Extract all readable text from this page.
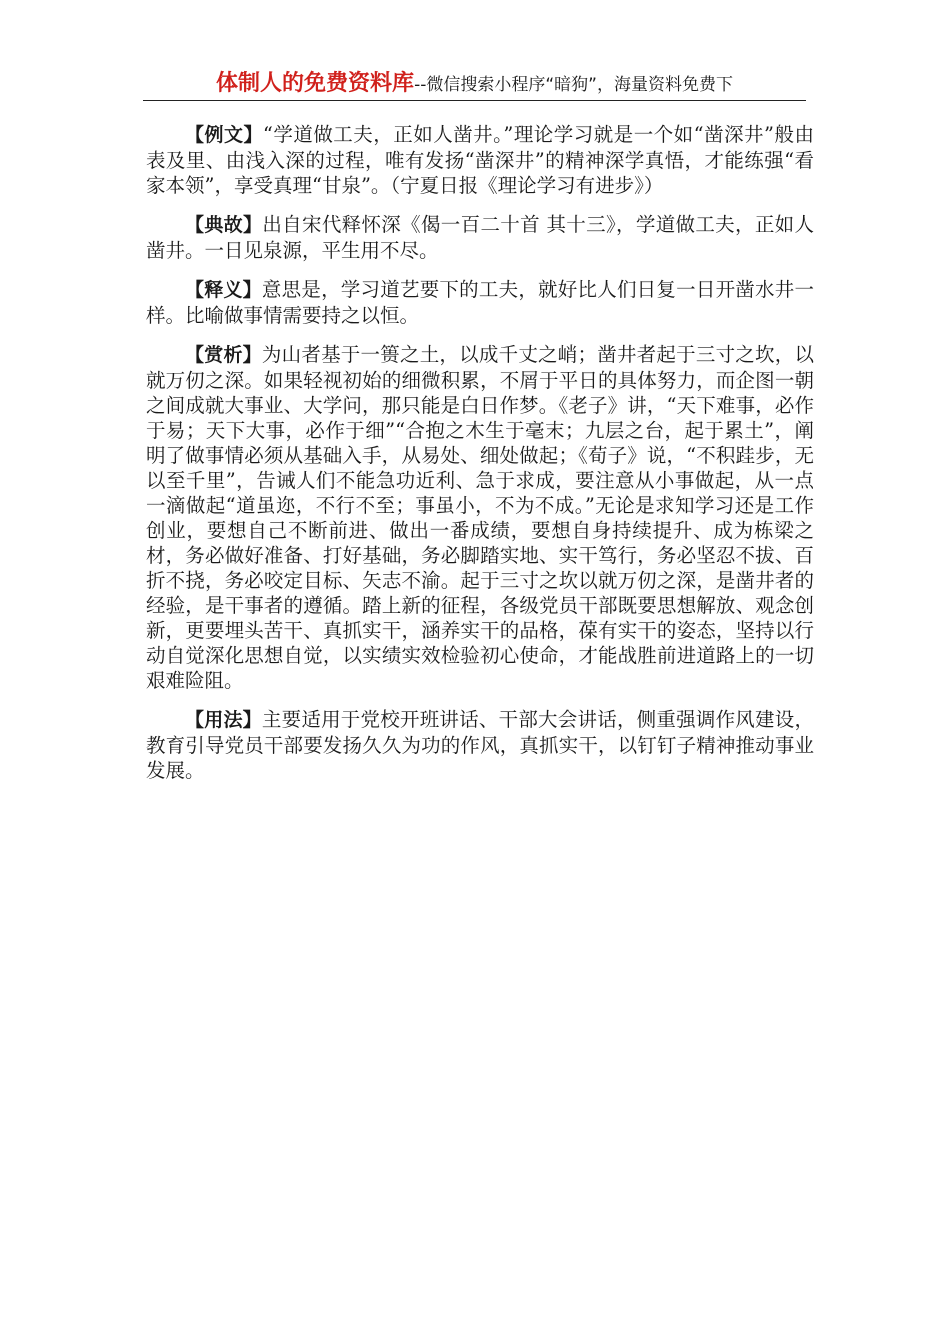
体制人的免费资料库--微信搜索小程序“暗狗”，海量资料免费下

【例文】“学道做工夫，正如人凿井。”理论学习就是一个如“凿深井”般由表及里、由浅入深的过程，唯有发扬“凿深井”的精神深学真悟，才能练强“看家本领”，享受真理“甘泉”。（宁夏日报《理论学习有进步》）

【典故】出自宋代释怀深《偈一百二十首 其十三》，学道做工夫，正如人凿井。一日见泉源，平生用不尽。

【释义】意思是，学习道艺要下的工夫，就好比人们日复一日开凿水井一样。比喻做事情需要持之以恒。

【赏析】为山者基于一篑之土，以成千丈之峭；凿井者起于三寸之坎，以就万仞之深。如果轻视初始的细微积累，不屑于平日的具体努力，而企图一朝之间成就大事业、大学问，那只能是白日作梦。《老子》讲，“天下难事，必作于易；天下大事，必作于细”“合抱之木生于毫末；九层之台，起于累土”，阐明了做事情必须从基础入手，从易处、细处做起；《荀子》说，“不积跬步，无以至千里”，告诫人们不能急功近利、急于求成，要注意从小事做起，从一点一滴做起“道虽迩，不行不至；事虽小，不为不成。”无论是求知学习还是工作创业，要想自己不断前进、做出一番成绩，要想自身持续提升、成为栋梁之材，务必做好准备、打好基础，务必脚踏实地、实干笃行，务必坚忍不拔、百折不挠，务必咬定目标、矢志不渝。起于三寸之坎以就万仞之深，是凿井者的经验，是干事者的遵循。踏上新的征程，各级党员干部既要思想解放、观念创新，更要埋头苦干、真抓实干，涵养实干的品格，葆有实干的姿态，坚持以行动自觉深化思想自觉，以实绩实效检验初心使命，才能战胜前进道路上的一切艰难险阻。

【用法】主要适用于党校开班讲话、干部大会讲话，侧重强调作风建设，教育引导党员干部要发扬久久为功的作风，真抓实干，以钉钉子精神推动事业发展。
